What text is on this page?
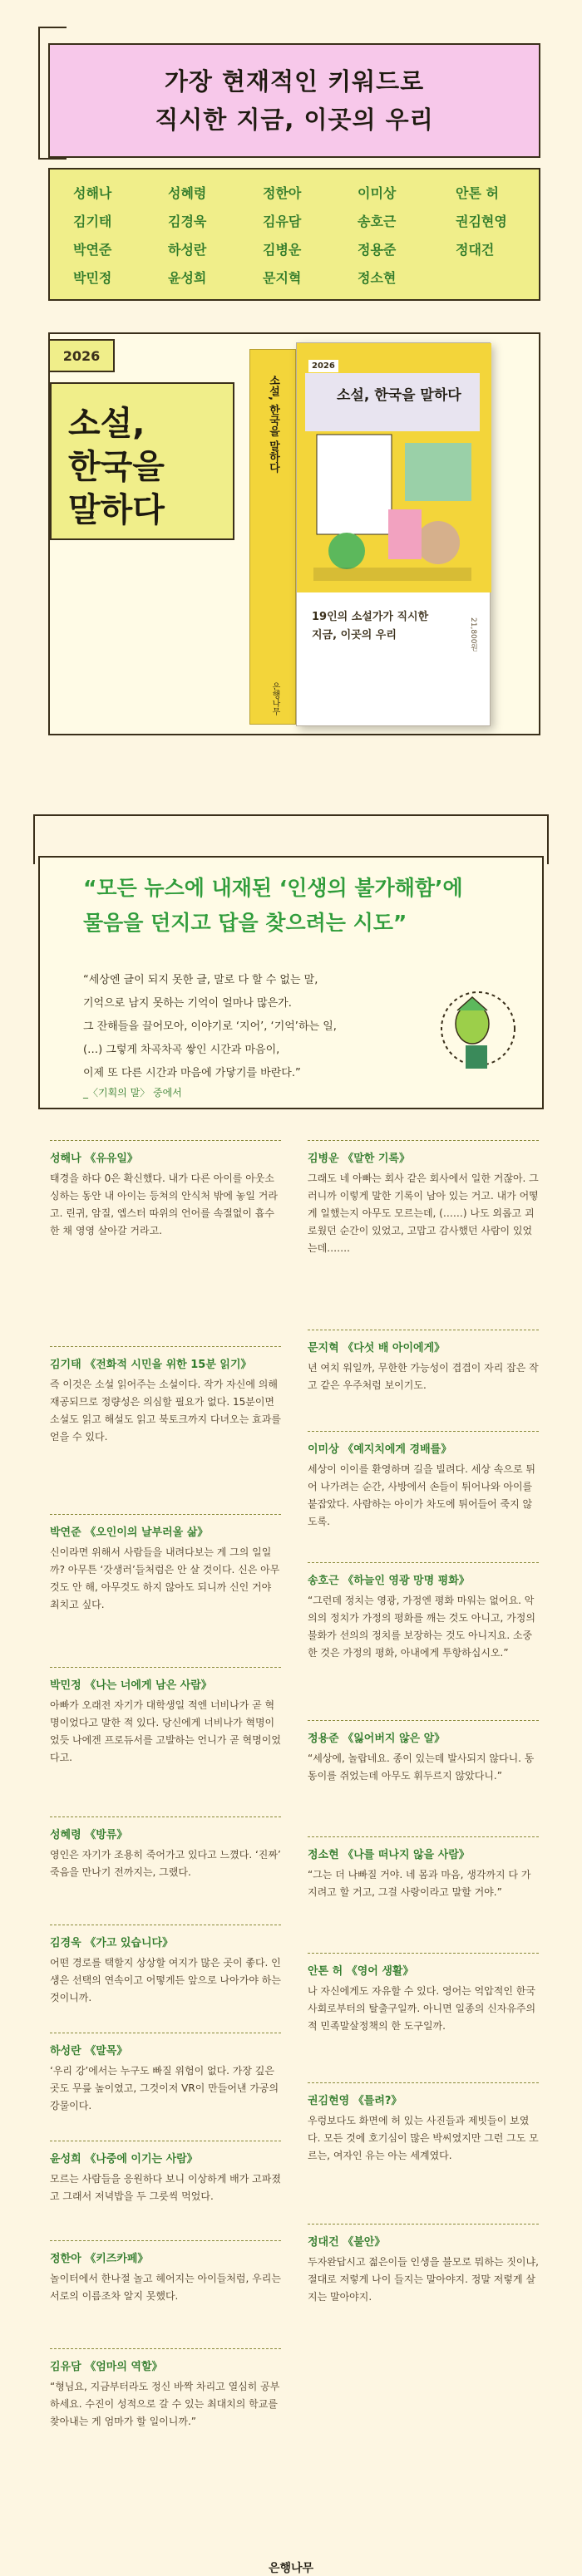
가장 현재적인 키워드로
직시한 지금, 이곳의 우리
성해나	성혜령	정한아	이미상	안톤 허
김기태	김경욱	김유담	송호근	권김현영
박연준	하성란	김병운	정용준	정대건
박민정	윤성희	문지혁	정소현
2026
소설,
한국을
말하다
소설, 한국을 말하다
은행나무
소설, 한국을 말하다
2026
19인의 소설가가 직시한
지금, 이곳의 우리	21,800원
“모든 뉴스에 내재된 ‘인생의 불가해함’에
물음을 던지고 답을 찾으려는 시도”
“세상엔 글이 되지 못한 글, 말로 다 할 수 없는 말,
기억으로 남지 못하는 기억이 얼마나 많은가.
그 잔해들을 끌어모아, 이야기로 ‘지어’, ‘기억’하는 일,
(…) 그렇게 차곡차곡 쌓인 시간과 마음이,
이제 또 다른 시간과 마음에 가닿기를 바란다.”
_〈기획의 말〉 중에서
성해나 《유유일》
태경을 하다 0은 확신했다. 내가 다른 아이를 아웃소싱하는 동안 내 아이는 등쳐의 안식처 밖에 놓일 거라고. 린귀, 암질, 엡스터 따위의 언어를 속절없이 흡수한 채 영영 살아갈 거라고.
김기태 《전화적 시민을 위한 15분 읽기》
즉 이것은 소설 읽어주는 소설이다. 작가 자신에 의해 재공되므로 정량성은 의심할 필요가 없다. 15분이면 소설도 읽고 해설도 읽고 북토크까지 다녀오는 효과를 얻을 수 있다.
박연준 《오인이의 날부러울 삶》
신이라면 위해서 사람들을 내려다보는 게 그의 일일까? 아무튼 ‘갓생러’들처럼은 안 살 것이다. 신은 아무것도 안 해, 아무것도 하지 않아도 되니까 신인 거야 최치고 싶다.
박민정 《나는 너에게 남은 사람》
아빠가 오래전 자기가 대학생일 적엔 너비나가 곧 혁명이었다고 말한 적 있다. 당신에게 너비나가 혁명이었듯 나에겐 프로듀서를 고발하는 언니가 곧 혁명이었다고.
성혜령 《방류》
영인은 자기가 조용히 죽어가고 있다고 느꼈다. ‘진짜’ 죽음을 만나기 전까지는, 그랬다.
김경욱 《가고 있습니다》
어떤 경로를 택할지 상상할 여지가 많은 곳이 좋다. 인생은 선택의 연속이고 어떻게든 앞으로 나아가야 하는 것이니까.
하성란 《말목》
‘우리 강’에서는 누구도 빠질 위험이 없다. 가장 깊은 곳도 무릎 높이였고, 그것이저 VR이 만들어낸 가공의 강물이다.
윤성희 《나중에 이기는 사람》
모르는 사람들을 응원하다 보니 이상하게 배가 고파졌고 그래서 저녁밥을 두 그릇씩 먹었다.
정한아 《키즈카페》
놀이터에서 한나절 놀고 헤어지는 아이들처럼, 우리는 서로의 이름조차 알지 못했다.
김유담 《엄마의 역할》
“형님요, 지금부터라도 정신 바짝 차리고 열심히 공부하세요. 수진이 성적으로 갈 수 있는 최대치의 학교를 찾아내는 게 엄마가 할 일이니까.”
김병운 《말한 기록》
그래도 네 아빠는 회사 같은 회사에서 일한 거잖아. 그러니까 이렇게 말한 기록이 남아 있는 거고. 내가 어떻게 일했는지 아무도 모르는데, (……) 나도 외롭고 괴로웠던 순간이 있었고, 고맙고 감사했던 사람이 있었는데…….
문지혁 《다섯 배 아이에게》
년 여치 워일까, 무한한 가능성이 겹겹이 자리 잡은 작고 같은 우주처럼 보이기도.
이미상 《예지치에게 경배를》
세상이 이이를 환영하며 길을 빌려다. 세상 속으로 튀어 나가려는 순간, 사방에서 손들이 튀어나와 아이를 붙잡았다. 사람하는 아이가 차도에 튀어들어 죽지 않도록.
송호근 《하늘인 영광 망명 평화》
“그런데 정치는 영광, 가정엔 평화 마워는 없어요. 악의의 정치가 가정의 평화를 깨는 것도 아니고, 가정의 불화가 선의의 정치를 보장하는 것도 아니지요. 소중한 것은 가정의 평화, 아내에게 투항하십시오.”
정용준 《잃어버지 않은 알》
“세상에, 놀랍네요. 종이 있는데 발사되지 않다니. 동동이를 쥐었는데 아무도 휘두르지 않았다니.”
정소현 《나를 떠나지 않을 사람》
“그는 더 나빠질 거야. 네 몸과 마음, 생각까지 다 가지려고 할 거고, 그걸 사랑이라고 말할 거야.”
안톤 허 《영어 생활》
나 자신에게도 자유할 수 있다. 영어는 억압적인 한국 사회로부터의 탈출구일까. 아니면 일종의 신자유주의적 민족말살정책의 한 도구일까.
권김현영 《틀려?》
우렁보다도 화면에 허 있는 사진들과 제빗들이 보였다. 모든 것에 호기심이 많은 박씨였지만 그런 그도 모르는, 여자인 유는 아는 세계였다.
정대건 《불안》
두자완답시고 젊은이들 인생을 불모로 뭐하는 짓이냐, 절대로 저렇게 나이 들지는 말아야지. 정말 저렇게 살지는 말아야지.
은행나무
